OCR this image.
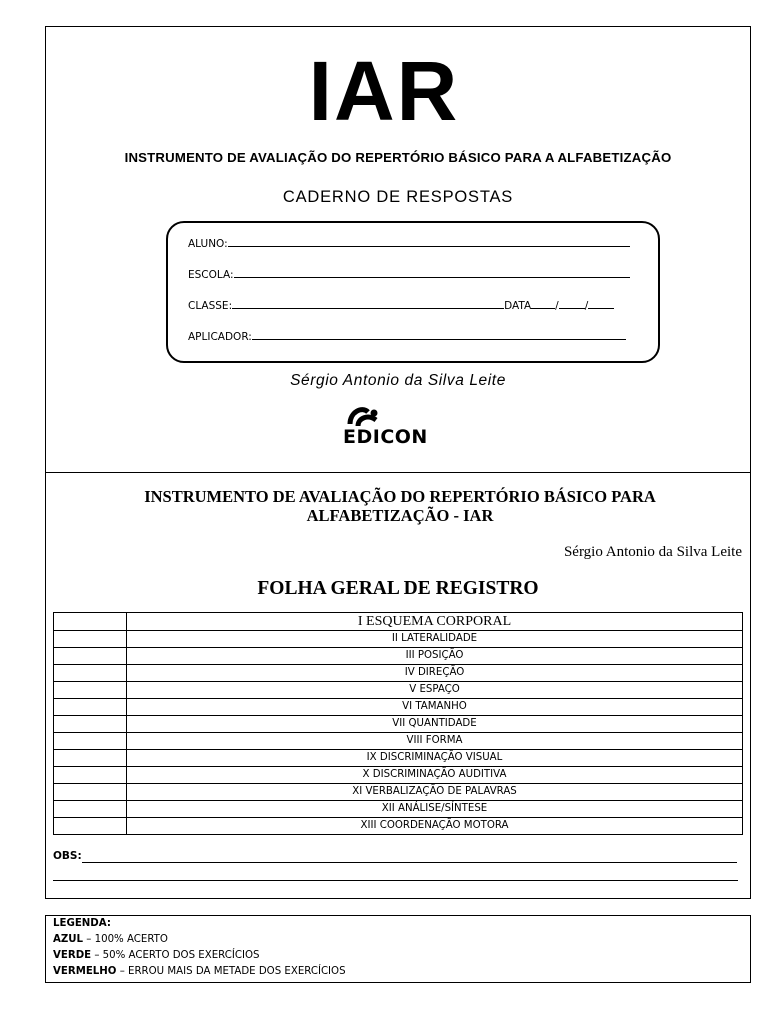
IAR
INSTRUMENTO DE AVALIAÇÃO DO REPERTÓRIO BÁSICO PARA A ALFABETIZAÇÃO
CADERNO DE RESPOSTAS
ALUNO:
ESCOLA:
CLASSE:	DATA / /
APLICADOR:
Sérgio Antonio da Silva Leite
EDICON
INSTRUMENTO DE AVALIAÇÃO DO REPERTÓRIO BÁSICO PARA ALFABETIZAÇÃO - IAR
Sérgio Antonio da Silva Leite
FOLHA GERAL DE REGISTRO
	I ESQUEMA CORPORAL
	II LATERALIDADE
	III POSIÇÃO
	IV DIREÇÃO
	V ESPAÇO
	VI TAMANHO
	VII QUANTIDADE
	VIII FORMA
	IX DISCRIMINAÇÃO VISUAL
	X DISCRIMINAÇÃO AUDITIVA
	XI VERBALIZAÇÃO DE PALAVRAS
	XII ANÁLISE/SÍNTESE
	XIII COORDENAÇÃO MOTORA
OBS:
LEGENDA:
AZUL – 100% ACERTO
VERDE – 50% ACERTO DOS EXERCÍCIOS
VERMELHO – ERROU MAIS DA METADE DOS EXERCÍCIOS
